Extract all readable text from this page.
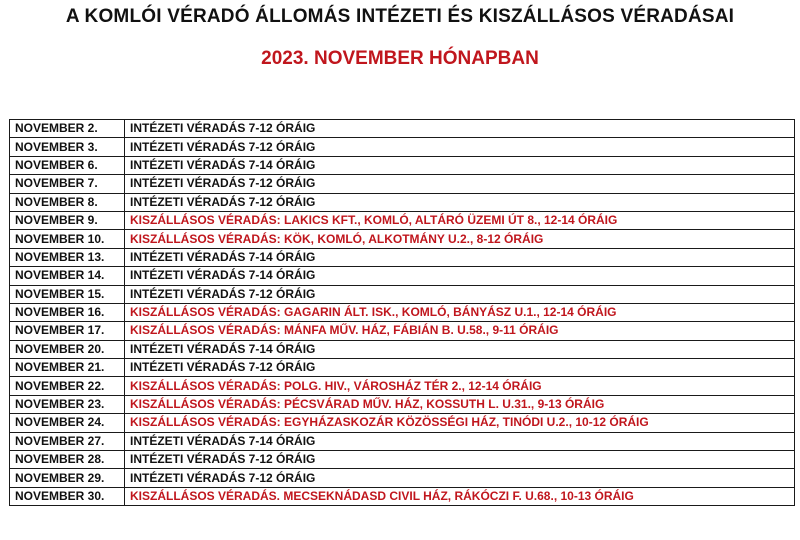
A KOMLÓI VÉRADÓ ÁLLOMÁS INTÉZETI ÉS KISZÁLLÁSOS VÉRADÁSAI
2023. NOVEMBER HÓNAPBAN
NOVEMBER 2.	INTÉZETI VÉRADÁS 7-12 ÓRÁIG
NOVEMBER 3.	INTÉZETI VÉRADÁS 7-12 ÓRÁIG
NOVEMBER 6.	INTÉZETI VÉRADÁS 7-14 ÓRÁIG
NOVEMBER 7.	INTÉZETI VÉRADÁS 7-12 ÓRÁIG
NOVEMBER 8.	INTÉZETI VÉRADÁS 7-12 ÓRÁIG
NOVEMBER 9.	KISZÁLLÁSOS VÉRADÁS: LAKICS KFT., KOMLÓ, ALTÁRÓ ÜZEMI ÚT 8., 12-14 ÓRÁIG
NOVEMBER 10.	KISZÁLLÁSOS VÉRADÁS: KÖK, KOMLÓ, ALKOTMÁNY U.2., 8-12 ÓRÁIG
NOVEMBER 13.	INTÉZETI VÉRADÁS 7-14 ÓRÁIG
NOVEMBER 14.	INTÉZETI VÉRADÁS 7-14 ÓRÁIG
NOVEMBER 15.	INTÉZETI VÉRADÁS 7-12 ÓRÁIG
NOVEMBER 16.	KISZÁLLÁSOS VÉRADÁS: GAGARIN ÁLT. ISK., KOMLÓ, BÁNYÁSZ U.1., 12-14 ÓRÁIG
NOVEMBER 17.	KISZÁLLÁSOS VÉRADÁS: MÁNFA MŰV. HÁZ, FÁBIÁN B. U.58., 9-11 ÓRÁIG
NOVEMBER 20.	INTÉZETI VÉRADÁS 7-14 ÓRÁIG
NOVEMBER 21.	INTÉZETI VÉRADÁS 7-12 ÓRÁIG
NOVEMBER 22.	KISZÁLLÁSOS VÉRADÁS: POLG. HIV., VÁROSHÁZ TÉR 2., 12-14 ÓRÁIG
NOVEMBER 23.	KISZÁLLÁSOS VÉRADÁS: PÉCSVÁRAD MŰV. HÁZ, KOSSUTH L. U.31., 9-13 ÓRÁIG
NOVEMBER 24.	KISZÁLLÁSOS VÉRADÁS: EGYHÁZASKOZÁR KÖZÖSSÉGI HÁZ, TINÓDI U.2., 10-12 ÓRÁIG
NOVEMBER 27.	INTÉZETI VÉRADÁS 7-14 ÓRÁIG
NOVEMBER 28.	INTÉZETI VÉRADÁS 7-12 ÓRÁIG
NOVEMBER 29.	INTÉZETI VÉRADÁS 7-12 ÓRÁIG
NOVEMBER 30.	KISZÁLLÁSOS VÉRADÁS. MECSEKNÁDASD CIVIL HÁZ, RÁKÓCZI F. U.68., 10-13 ÓRÁIG
